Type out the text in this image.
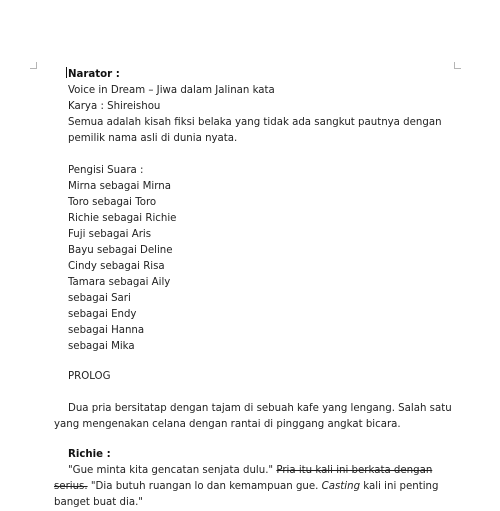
Narator :
Voice in Dream – Jiwa dalam Jalinan kata
Karya : Shireishou
Semua adalah kisah fiksi belaka yang tidak ada sangkut pautnya dengan pemilik nama asli di dunia nyata.
Pengisi Suara :
Mirna sebagai Mirna
Toro sebagai Toro
Richie sebagai Richie
Fuji sebagai Aris
Bayu sebagai Deline
Cindy sebagai Risa
Tamara sebagai Aily
sebagai Sari
sebagai Endy
sebagai Hanna
sebagai Mika
PROLOG
Dua pria bersitatap dengan tajam di sebuah kafe yang lengang. Salah satu yang mengenakan celana dengan rantai di pinggang angkat bicara.
Richie :
"Gue minta kita gencatan senjata dulu." Pria itu kali ini berkata dengan serius. "Dia butuh ruangan lo dan kemampuan gue. Casting kali ini penting banget buat dia."
